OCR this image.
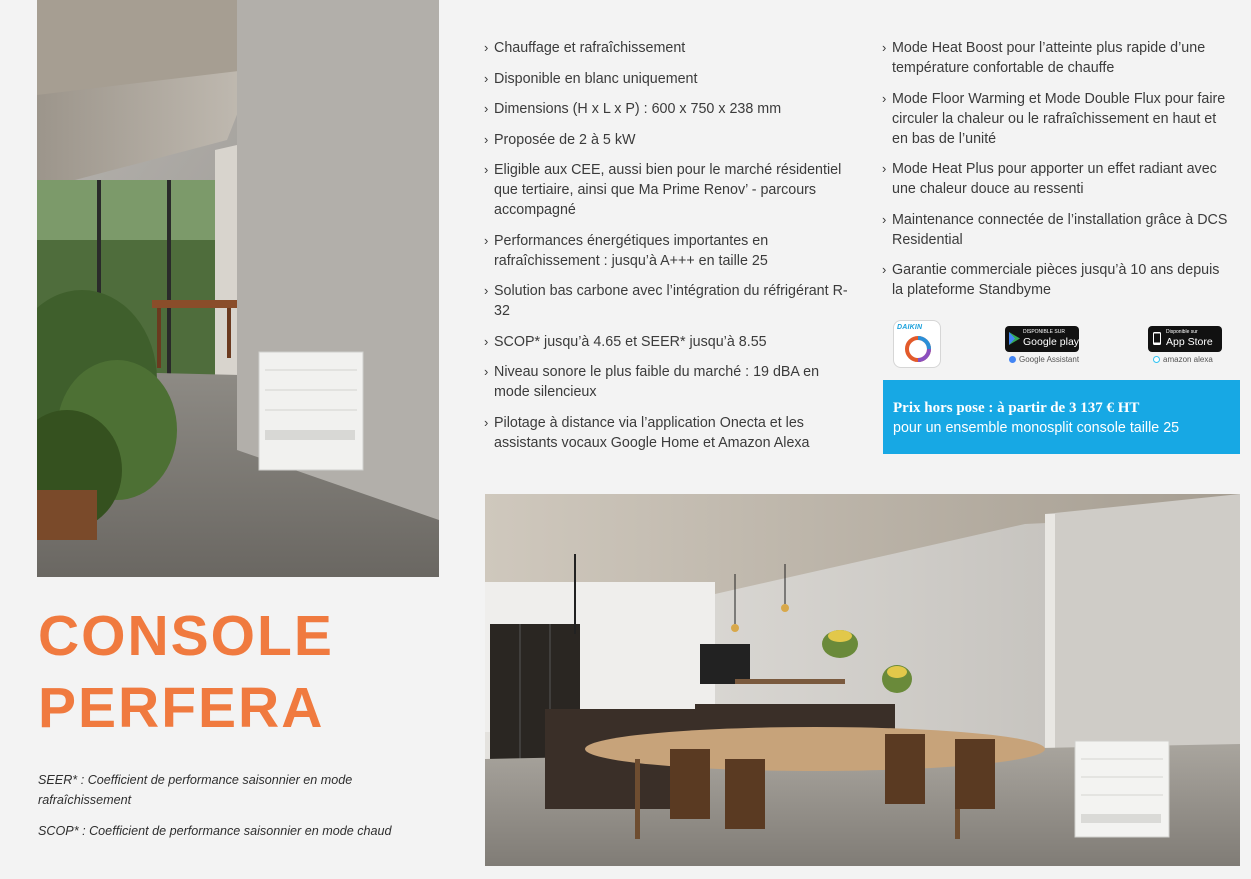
› Chauffage et rafraîchissement
› Disponible en blanc uniquement
› Dimensions (H x L x P) : 600 x 750 x 238 mm
› Proposée de 2 à 5 kW
› Eligible aux CEE, aussi bien pour le marché résidentiel que tertiaire, ainsi que Ma Prime Renov’ - parcours accompagné
› Performances énergétiques importantes en rafraîchissement : jusqu’à A+++ en taille 25
› Solution bas carbone avec l’intégration du réfrigérant R-32
› SCOP* jusqu’à 4.65 et SEER* jusqu’à 8.55
› Niveau sonore le plus faible du marché : 19 dBA en mode silencieux
› Pilotage à distance via l’application Onecta et les assistants vocaux Google Home et Amazon Alexa
› Mode Heat Boost pour l’atteinte plus rapide d’une température confortable de chauffe
› Mode Floor Warming et Mode Double Flux pour faire circuler la chaleur ou le rafraîchissement en haut et en bas de l’unité
› Mode Heat Plus pour apporter un effet radiant avec une chaleur douce au ressenti
› Maintenance connectée de l’installation grâce à DCS Residential
› Garantie commerciale pièces jusqu’à 10 ans depuis la plateforme Standbyme
DAIKIN
DISPONIBLE SUR
Google play
Google Assistant
Disponible sur
App Store
amazon alexa
Prix hors pose : à partir de 3 137 € HT
pour un ensemble monosplit console taille 25
CONSOLE
PERFERA
SEER* : Coefficient de performance saisonnier en mode rafraîchissement
SCOP* : Coefficient de performance saisonnier en mode chaud
